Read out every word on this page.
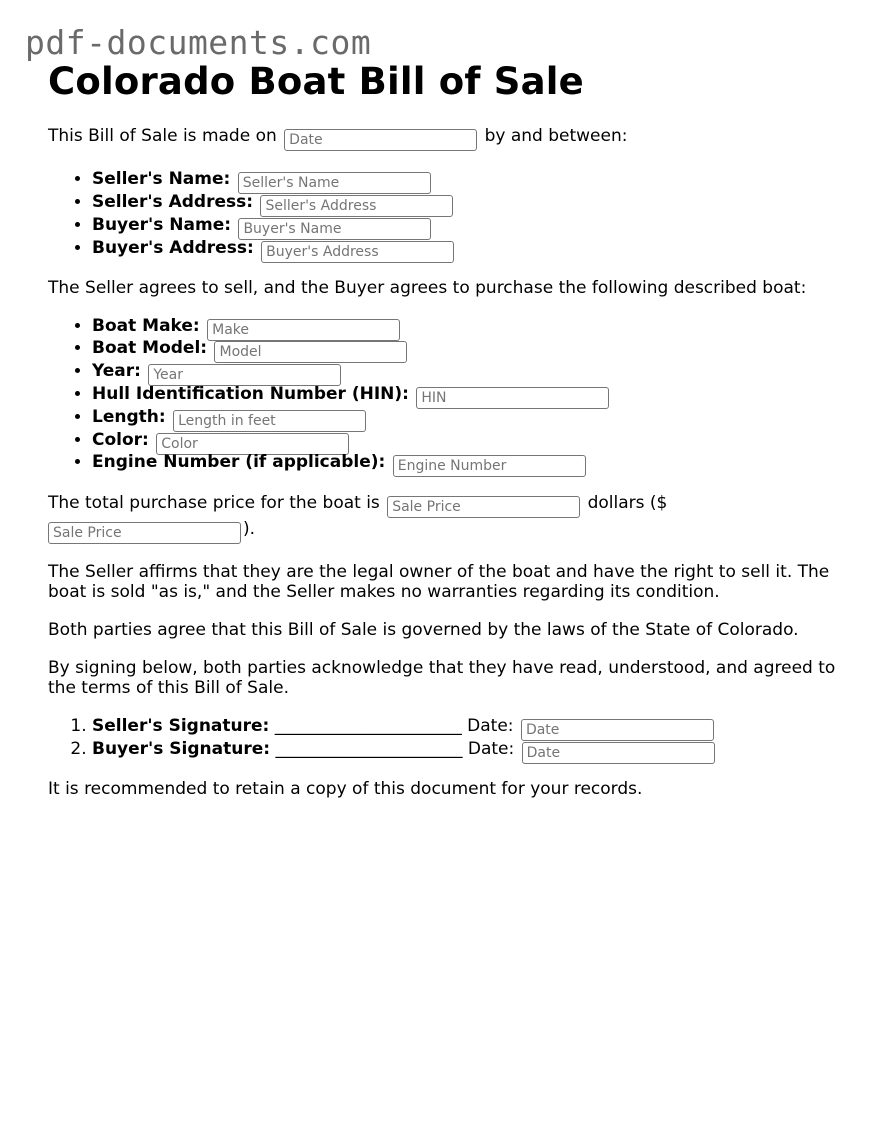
pdf-documents.com
Colorado Boat Bill of Sale

This Bill of Sale is made on Date	by and between:

• Seller's Name: Seller's Name
• Seller's Address: Seller's Address
• Buyer's Name: Buyer's Name
• Buyer's Address: Buyer's Address

The Seller agrees to sell, and the Buyer agrees to purchase the following described boat:

• Boat Make: Make
• Boat Model: Model
• Year: Year
• Hull Identification Number (HIN): HIN
• Length: Length in feet
• Color: Color
• Engine Number (if applicable): Engine Number

The total purchase price for the boat is Sale Price	dollars ($ Sale Price).

The Seller affirms that they are the legal owner of the boat and have the right to sell it. The boat is sold "as is," and the Seller makes no warranties regarding its condition.

Both parties agree that this Bill of Sale is governed by the laws of the State of Colorado.

By signing below, both parties acknowledge that they have read, understood, and agreed to the terms of this Bill of Sale.

1. Seller's Signature: ______________________ Date: Date
2. Buyer's Signature: ______________________ Date: Date

It is recommended to retain a copy of this document for your records.
